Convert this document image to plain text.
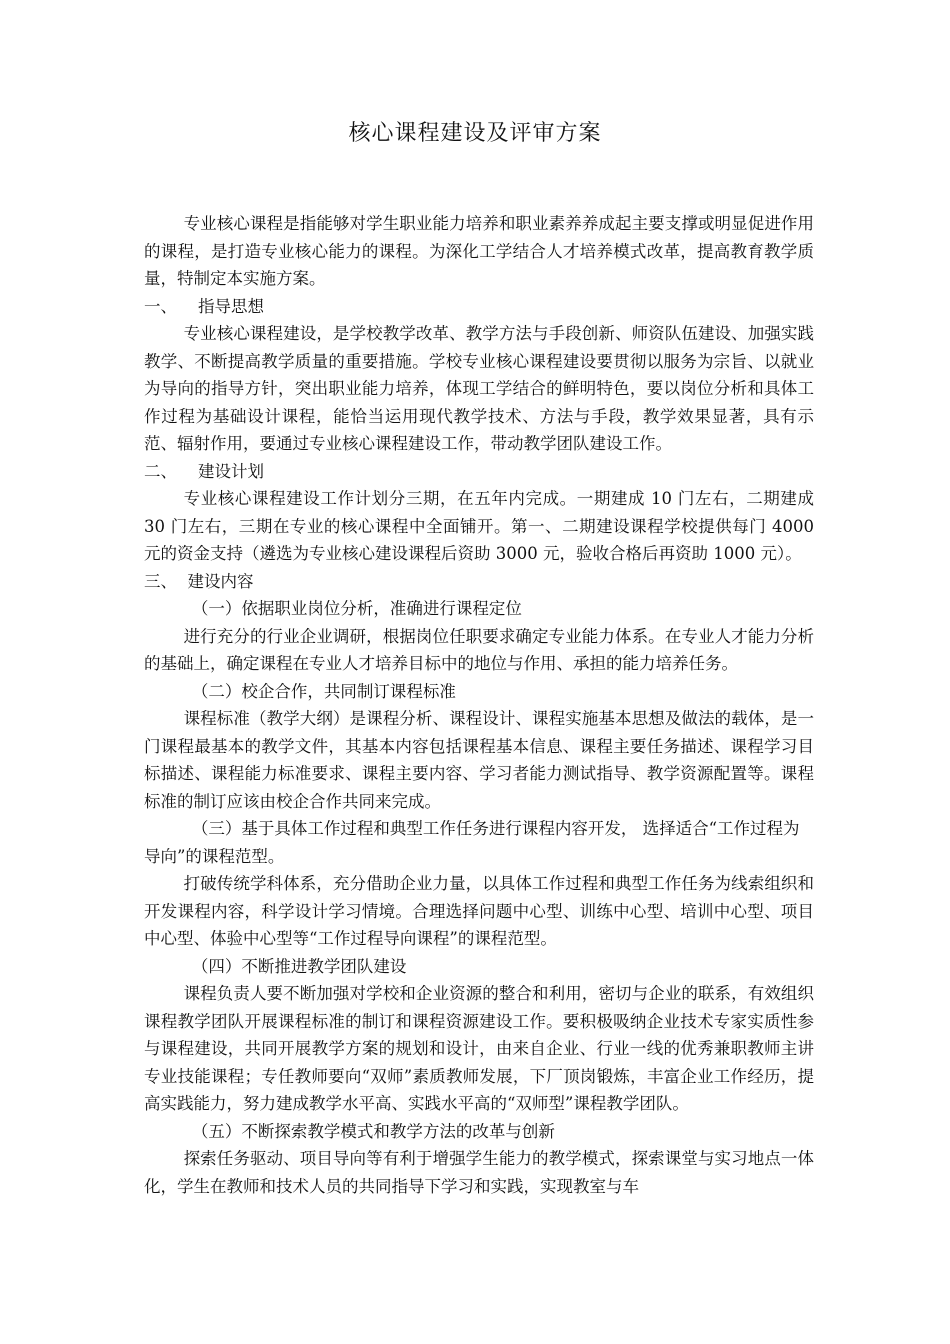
核心课程建设及评审方案

专业核心课程是指能够对学生职业能力培养和职业素养养成起主要支撑或明显促进作用的课程，是打造专业核心能力的课程。为深化工学结合人才培养模式改革，提高教育教学质量，特制定本实施方案。

一、    指导思想

专业核心课程建设，是学校教学改革、教学方法与手段创新、师资队伍建设、加强实践教学、不断提高教学质量的重要措施。学校专业核心课程建设要贯彻以服务为宗旨、以就业为导向的指导方针，突出职业能力培养，体现工学结合的鲜明特色，要以岗位分析和具体工作过程为基础设计课程，能恰当运用现代教学技术、方法与手段，教学效果显著，具有示范、辐射作用，要通过专业核心课程建设工作，带动教学团队建设工作。

二、    建设计划

专业核心课程建设工作计划分三期，在五年内完成。一期建成 10 门左右，二期建成 30 门左右，三期在专业的核心课程中全面铺开。第一、二期建设课程学校提供每门 4000 元的资金支持（遴选为专业核心建设课程后资助 3000 元，验收合格后再资助 1000 元）。

三、  建设内容

（一）依据职业岗位分析，准确进行课程定位

进行充分的行业企业调研，根据岗位任职要求确定专业能力体系。在专业人才能力分析的基础上，确定课程在专业人才培养目标中的地位与作用、承担的能力培养任务。

（二）校企合作，共同制订课程标准

课程标准（教学大纲）是课程分析、课程设计、课程实施基本思想及做法的载体，是一门课程最基本的教学文件，其基本内容包括课程基本信息、课程主要任务描述、课程学习目标描述、课程能力标准要求、课程主要内容、学习者能力测试指导、教学资源配置等。课程标准的制订应该由校企合作共同来完成。

（三）基于具体工作过程和典型工作任务进行课程内容开发， 选择适合“工作过程为导向”的课程范型。

打破传统学科体系，充分借助企业力量，以具体工作过程和典型工作任务为线索组织和开发课程内容，科学设计学习情境。合理选择问题中心型、训练中心型、培训中心型、项目中心型、体验中心型等“工作过程导向课程”的课程范型。

（四）不断推进教学团队建设

课程负责人要不断加强对学校和企业资源的整合和利用，密切与企业的联系，有效组织课程教学团队开展课程标准的制订和课程资源建设工作。要积极吸纳企业技术专家实质性参与课程建设，共同开展教学方案的规划和设计，由来自企业、行业一线的优秀兼职教师主讲专业技能课程；专任教师要向“双师”素质教师发展，下厂顶岗锻炼，丰富企业工作经历，提高实践能力，努力建成教学水平高、实践水平高的“双师型”课程教学团队。

（五）不断探索教学模式和教学方法的改革与创新

探索任务驱动、项目导向等有利于增强学生能力的教学模式，探索课堂与实习地点一体化，学生在教师和技术人员的共同指导下学习和实践，实现教室与车
